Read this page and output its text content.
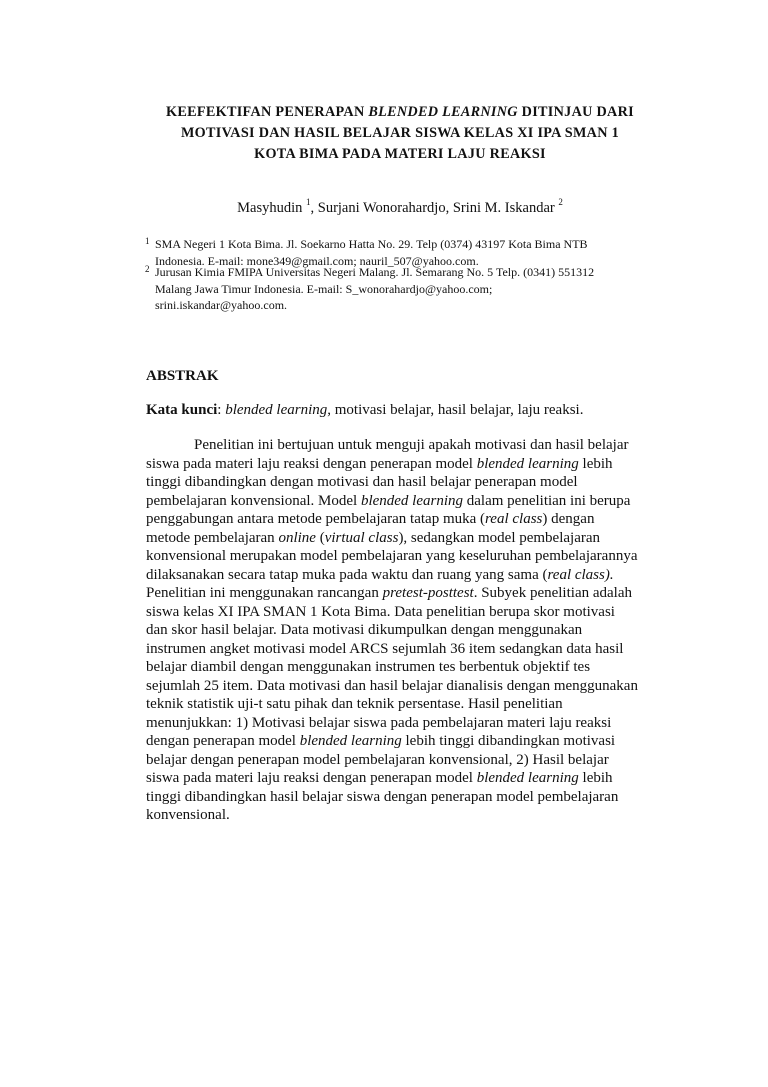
KEEFEKTIFAN PENERAPAN BLENDED LEARNING DITINJAU DARI
MOTIVASI DAN HASIL BELAJAR SISWA KELAS XI IPA SMAN 1
KOTA BIMA PADA MATERI LAJU REAKSI
Masyhudin $^1$, Surjani Wonorahardjo, Srini M. Iskandar $^2$
1 SMA Negeri 1 Kota Bima. Jl. Soekarno Hatta No. 29. Telp (0374) 43197 Kota Bima NTB
Indonesia. E-mail: mone349@gmail.com; nauril_507@yahoo.com.
2 Jurusan Kimia FMIPA Universitas Negeri Malang. Jl. Semarang No. 5 Telp. (0341) 551312
Malang Jawa Timur Indonesia. E-mail: S_wonorahardjo@yahoo.com;
srini.iskandar@yahoo.com.
ABSTRAK
Kata kunci: blended learning, motivasi belajar, hasil belajar, laju reaksi.
Penelitian ini bertujuan untuk menguji apakah motivasi dan hasil belajar
siswa pada materi laju reaksi dengan penerapan model blended learning lebih
tinggi dibandingkan dengan motivasi dan hasil belajar penerapan model
pembelajaran konvensional. Model blended learning dalam penelitian ini berupa
penggabungan antara metode pembelajaran tatap muka (real class) dengan
metode pembelajaran online (virtual class), sedangkan model pembelajaran
konvensional merupakan model pembelajaran yang keseluruhan pembelajarannya
dilaksanakan secara tatap muka pada waktu dan ruang yang sama (real class).
Penelitian ini menggunakan rancangan pretest-posttest. Subyek penelitian adalah
siswa kelas XI IPA SMAN 1 Kota Bima. Data penelitian berupa skor motivasi
dan skor hasil belajar. Data motivasi dikumpulkan dengan menggunakan
instrumen angket motivasi model ARCS sejumlah 36 item sedangkan data hasil
belajar diambil dengan menggunakan instrumen tes berbentuk objektif tes
sejumlah 25 item. Data motivasi dan hasil belajar dianalisis dengan menggunakan
teknik statistik uji-t satu pihak dan teknik persentase. Hasil penelitian
menunjukkan: 1) Motivasi belajar siswa pada pembelajaran materi laju reaksi
dengan penerapan model blended learning lebih tinggi dibandingkan motivasi
belajar dengan penerapan model pembelajaran konvensional, 2) Hasil belajar
siswa pada materi laju reaksi dengan penerapan model blended learning lebih
tinggi dibandingkan hasil belajar siswa dengan penerapan model pembelajaran
konvensional.
